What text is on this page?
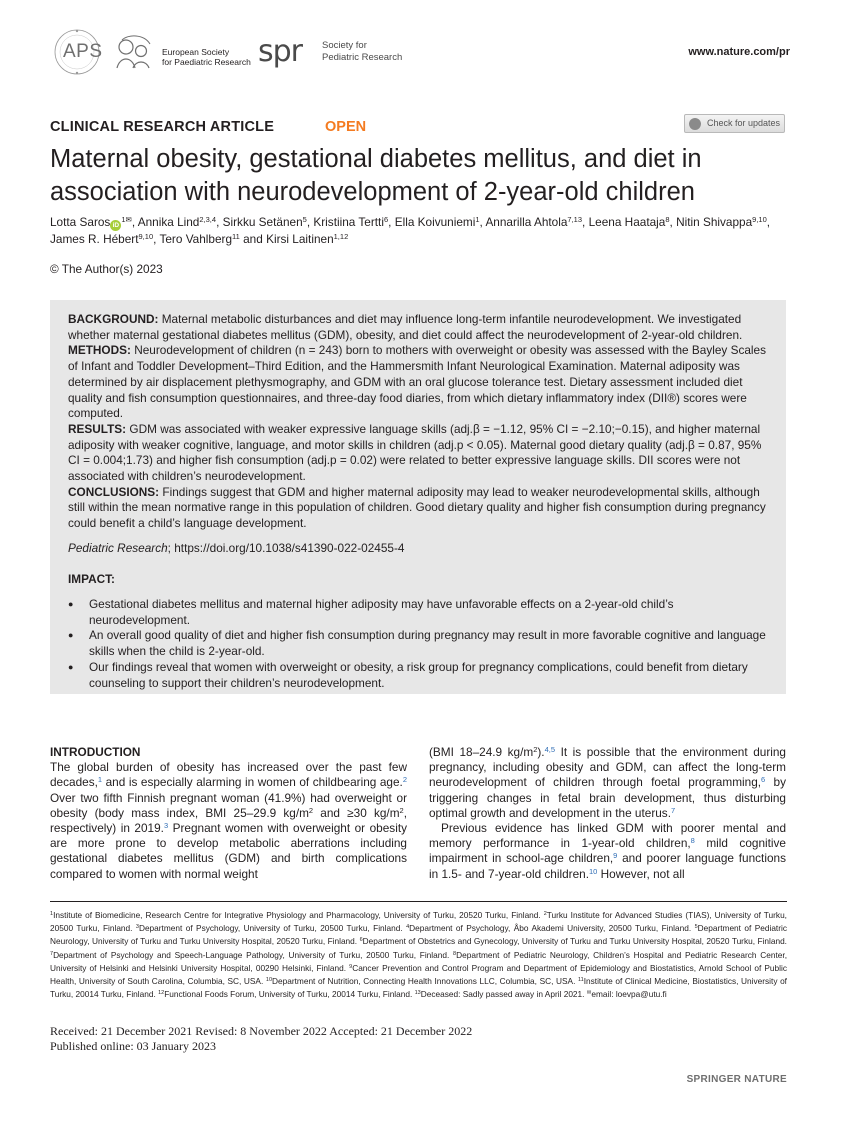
APS	European Society
for Paediatric Research spr Society for
Pediatric Research	www.nature.com/pr
CLINICAL RESEARCH ARTICLE	OPEN	Check for updates
Maternal obesity, gestational diabetes mellitus, and diet in association with neurodevelopment of 2-year-old children
Lotta Saros $iD^{1✉}$, Annika Lind$^{2,3,4}$, Sirkku Setänen$^5$, Kristiina Tertti$^6$, Ella Koivuniemi$^1$, Annarilla Ahtola$^{7,13}$, Leena Haataja$^8$, Nitin Shivappa$^{9,10}$, James R. Hébert$^{9,10}$, Tero Vahlberg$^{11}$ and Kirsi Laitinen$^{1,12}$
© The Author(s) 2023

BACKGROUND: Maternal metabolic disturbances and diet may influence long-term infantile neurodevelopment. We investigated whether maternal gestational diabetes mellitus (GDM), obesity, and diet could affect the neurodevelopment of 2-year-old children.

METHODS: Neurodevelopment of children (n = 243) born to mothers with overweight or obesity was assessed with the Bayley Scales of Infant and Toddler Development–Third Edition, and the Hammersmith Infant Neurological Examination. Maternal adiposity was determined by air displacement plethysmography, and GDM with an oral glucose tolerance test. Dietary assessment included diet quality and fish consumption questionnaires, and three-day food diaries, from which dietary inflammatory index (DII®) scores were computed.

RESULTS: GDM was associated with weaker expressive language skills (adj.β = −1.12, 95% CI = −2.10;−0.15), and higher maternal adiposity with weaker cognitive, language, and motor skills in children (adj.p < 0.05). Maternal good dietary quality (adj.β = 0.87, 95% CI = 0.004;1.73) and higher fish consumption (adj.p = 0.02) were related to better expressive language skills. DII scores were not associated with children’s neurodevelopment.

CONCLUSIONS: Findings suggest that GDM and higher maternal adiposity may lead to weaker neurodevelopmental skills, although still within the mean normative range in this population of children. Good dietary quality and higher fish consumption during pregnancy could benefit a child’s language development.

Pediatric Research; https://doi.org/10.1038/s41390-022-02455-4
IMPACT:
● Gestational diabetes mellitus and maternal higher adiposity may have unfavorable effects on a 2-year-old child’s neurodevelopment.
● An overall good quality of diet and higher fish consumption during pregnancy may result in more favorable cognitive and language skills when the child is 2-year-old.
● Our findings reveal that women with overweight or obesity, a risk group for pregnancy complications, could benefit from dietary counseling to support their children’s neurodevelopment.
INTRODUCTION
The global burden of obesity has increased over the past few decades,$^1$ and is especially alarming in women of childbearing age.$^2$ Over two fifth Finnish pregnant woman (41.9%) had overweight or obesity (body mass index, BMI 25–29.9 $kg/m^2$ and ≥30 $kg/m^2$, respectively) in 2019.$^3$ Pregnant women with overweight or obesity are more prone to develop metabolic aberrations including gestational diabetes mellitus (GDM) and birth complications compared to women with normal weight
(BMI 18–24.9 $kg/m^2).^{4,5}$ It is possible that the environment during pregnancy, including obesity and GDM, can affect the long-term neurodevelopment of children through foetal programming,$^6$ by triggering changes in fetal brain development, thus disturbing optimal growth and development in the uterus.$^7$
Previous evidence has linked GDM with poorer mental and memory performance in 1-year-old children,$^8$ mild cognitive impairment in school-age children,$^9$ and poorer language functions in 1.5- and 7-year-old children.$^{10}$ However, not all
$^1$Institute of Biomedicine, Research Centre for Integrative Physiology and Pharmacology, University of Turku, 20520 Turku, Finland. $^2$Turku Institute for Advanced Studies (TIAS), University of Turku, 20500 Turku, Finland. $^3$Department of Psychology, University of Turku, 20500 Turku, Finland. $^4$Department of Psychology, Åbo Akademi University, 20500 Turku, Finland. $^5$Department of Pediatric Neurology, University of Turku and Turku University Hospital, 20520 Turku, Finland. $^6$Department of Obstetrics and Gynecology, University of Turku and Turku University Hospital, 20520 Turku, Finland. $^7$Department of Psychology and Speech-Language Pathology, University of Turku, 20500 Turku, Finland. $^8$Department of Pediatric Neurology, Children’s Hospital and Pediatric Research Center, University of Helsinki and Helsinki University Hospital, 00290 Helsinki, Finland. $^9$Cancer Prevention and Control Program and Department of Epidemiology and Biostatistics, Arnold School of Public Health, University of South Carolina, Columbia, SC, USA. $^{10}$Department of Nutrition, Connecting Health Innovations LLC, Columbia, SC, USA. $^{11}$Institute of Clinical Medicine, Biostatistics, University of Turku, 20014 Turku, Finland. $^{12}$Functional Foods Forum, University of Turku, 20014 Turku, Finland. $^{13}$Deceased: Sadly passed away in April 2021. ✉email: loevpa@utu.fi
Received: 21 December 2021 Revised: 8 November 2022 Accepted: 21 December 2022
Published online: 03 January 2023
SPRINGER NATURE
